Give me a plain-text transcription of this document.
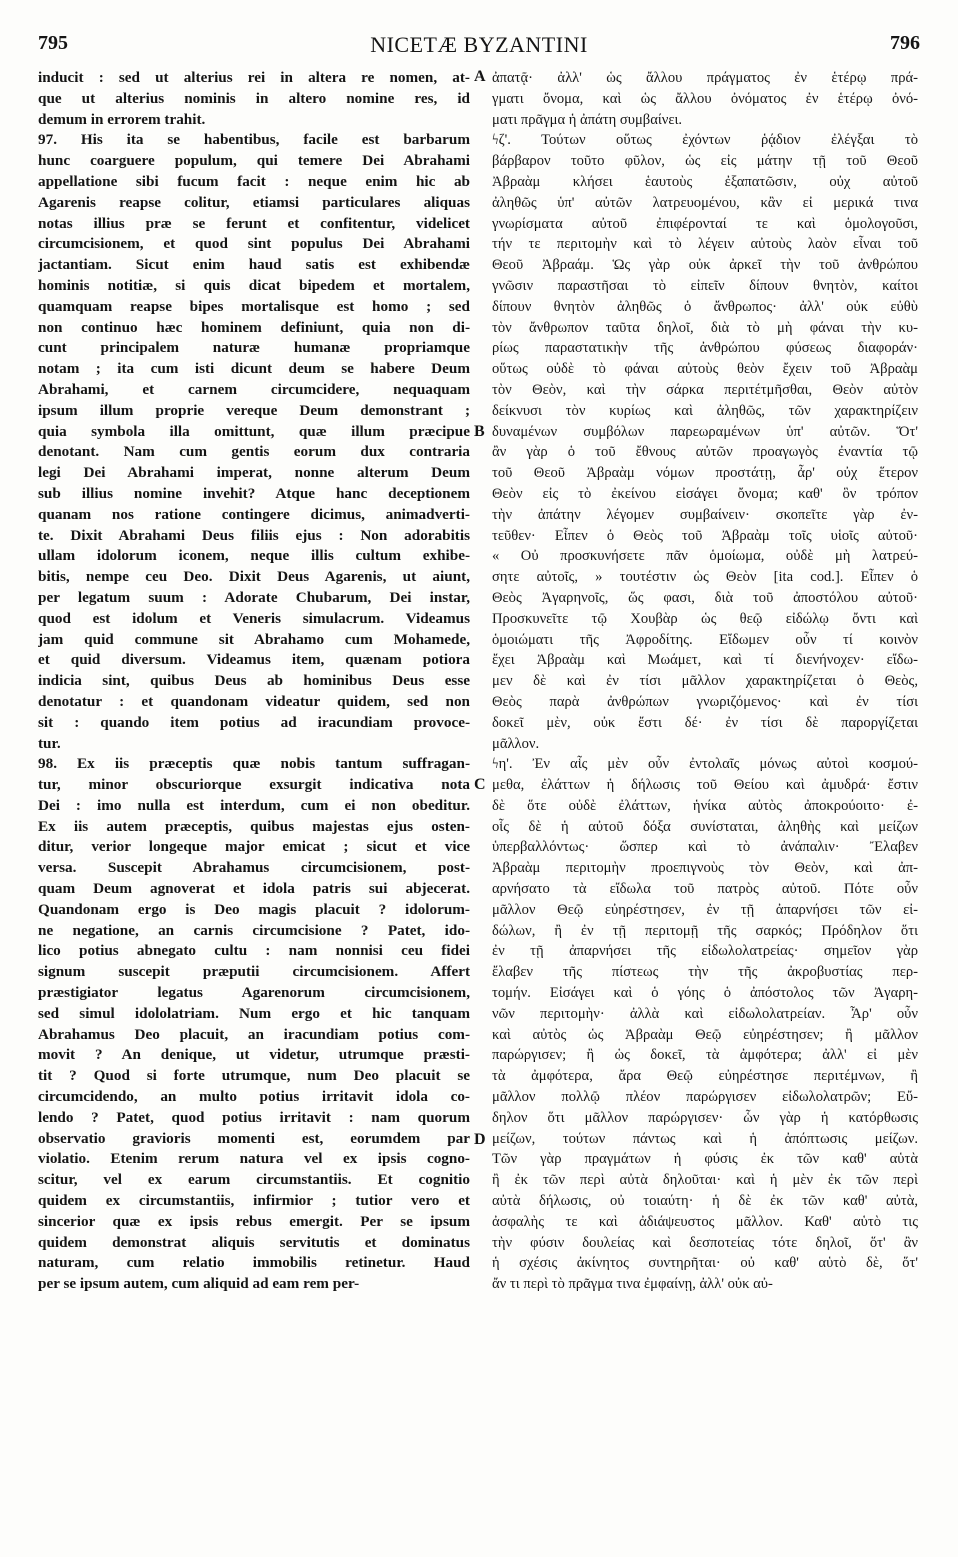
795	NICETÆ BYZANTINI	796
inducit : sed ut alterius rei in altera re nomen, at-
que ut alterius nominis in altero nomine res, id
demum in errorem trahit.
97. His ita se habentibus, facile est barbarum
hunc coarguere populum, qui temere Dei Abrahami
appellatione sibi fucum facit : neque enim hic ab
Agarenis reapse colitur, etiamsi particulares aliquas
notas illius præ se ferunt et confitentur, videlicet
circumcisionem, et quod sint populus Dei Abrahami
jactantiam. Sicut enim haud satis est exhibendæ
hominis notitiæ, si quis dicat bipedem et mortalem,
quamquam reapse bipes mortalisque est homo ; sed
non continuo hæc hominem definiunt, quia non di-
cunt principalem naturæ humanæ propriamque
notam ; ita cum isti dicunt deum se habere Deum
Abrahami, et carnem circumcidere, nequaquam
ipsum illum proprie vereque Deum demonstrant ;
quia symbola illa omittunt, quæ illum præcipue
denotant. Nam cum gentis eorum dux contraria
legi Dei Abrahami imperat, nonne alterum Deum
sub illius nomine invehit? Atque hanc deceptionem
quanam nos ratione contingere dicimus, animadverti-
te. Dixit Abrahami Deus filiis ejus : Non adorabitis
ullam idolorum iconem, neque illis cultum exhibe-
bitis, nempe ceu Deo. Dixit Deus Agarenis, ut aiunt,
per legatum suum : Adorate Chubarum, Dei instar,
quod est idolum et Veneris simulacrum. Videamus
jam quid commune sit Abrahamo cum Mohamede,
et quid diversum. Videamus item, quænam potiora
indicia sint, quibus Deus ab hominibus Deus esse
denotatur : et quandonam videatur quidem, sed non
sit : quando item potius ad iracundiam provoce-
tur.
98. Ex iis præceptis quæ nobis tantum suffragan-
tur, minor obscuriorque exsurgit indicativa nota
Dei : imo nulla est interdum, cum ei non obeditur.
Ex iis autem præceptis, quibus majestas ejus osten-
ditur, verior longeque major emicat ; sicut et vice
versa. Suscepit Abrahamus circumcisionem, post-
quam Deum agnoverat et idola patris sui abjecerat.
Quandonam ergo is Deo magis placuit ? idolorum-
ne negatione, an carnis circumcisione ? Patet, ido-
lico potius abnegato cultu : nam nonnisi ceu fidei
signum suscepit præputii circumcisionem. Affert
præstigiator legatus Agarenorum circumcisionem,
sed simul idololatriam. Num ergo et hic tanquam
Abrahamus Deo placuit, an iracundiam potius com-
movit ? An denique, ut videtur, utrumque præsti-
tit ? Quod si forte utrumque, num Deo placuit se
circumcidendo, an multo potius irritavit idola co-
lendo ? Patet, quod potius irritavit : nam quorum
observatio gravioris momenti est, eorumdem par
violatio. Etenim rerum natura vel ex ipsis cogno-
scitur, vel ex earum circumstantiis. Et cognitio
quidem ex circumstantiis, infirmior ; tutior vero et
sincerior quæ ex ipsis rebus emergit. Per se ipsum
quidem demonstrat aliquis servitutis et dominatus
naturam, cum relatio immobilis retinetur. Haud
per se ipsum autem, cum aliquid ad eam rem per-
ἀπατᾷ· ἀλλ' ὡς ἄλλου πράγματος ἐν ἑτέρῳ πρά-
γματι ὄνομα, καὶ ὡς ἄλλου ὀνόματος ἐν ἑτέρῳ ὀνό-
ματι πρᾶγμα ἡ ἀπάτη συμβαίνει.
ϟζ'. Τούτων οὕτως ἐχόντων ῥᾴδιον ἐλέγξαι τὸ
βάρβαρον τοῦτο φῦλον, ὡς εἰς μάτην τῇ τοῦ Θεοῦ
Ἀβραὰμ κλήσει ἑαυτοὺς ἐξαπατῶσιν, οὐχ αὐτοῦ
ἀληθῶς ὑπ' αὐτῶν λατρευομένου, κἂν εἰ μερικά τινα
γνωρίσματα αὐτοῦ ἐπιφέρονταί τε καὶ ὁμολογοῦσι,
τήν τε περιτομὴν καὶ τὸ λέγειν αὐτοὺς λαὸν εἶναι τοῦ
Θεοῦ Ἀβραάμ. Ὡς γὰρ οὐκ ἀρκεῖ τὴν τοῦ ἀνθρώπου
γνῶσιν παραστῆσαι τὸ εἰπεῖν δίπουν θνητὸν, καίτοι
δίπουν θνητὸν ἀληθῶς ὁ ἄνθρωπος· ἀλλ' οὐκ εὐθὺ
τὸν ἄνθρωπον ταῦτα δηλοῖ, διὰ τὸ μὴ φάναι τὴν κυ-
ρίως παραστατικὴν τῆς ἀνθρώπου φύσεως διαφοράν·
οὕτως οὐδὲ τὸ φάναι αὐτοὺς θεὸν ἔχειν τοῦ Ἀβραὰμ
τὸν Θεὸν, καὶ τὴν σάρκα περιτέτμῆσθαι, Θεὸν αὐτὸν
δείκνυσι τὸν κυρίως καὶ ἀληθῶς, τῶν χαρακτηρίζειν
δυναμένων συμβόλων παρεωραμένων ὑπ' αὐτῶν. Ὅτ'
ἂν γὰρ ὁ τοῦ ἔθνους αὐτῶν προαγωγὸς ἐναντία τῷ
τοῦ Θεοῦ Ἀβραὰμ νόμων προστάτῃ, ἆρ' οὐχ ἕτερον
Θεὸν εἰς τὸ ἐκείνου εἰσάγει ὄνομα; καθ' ὃν τρόπον
τὴν ἀπάτην λέγομεν συμβαίνειν· σκοπεῖτε γὰρ ἐν-
τεῦθεν· Εἶπεν ὁ Θεὸς τοῦ Ἀβραὰμ τοῖς υἱοῖς αὐτοῦ·
« Οὐ προσκυνήσετε πᾶν ὁμοίωμα, οὐδὲ μὴ λατρεύ-
σητε αὐτοῖς, » τουτέστιν ὡς Θεὸν [ita cod.]. Εἶπεν ὁ
Θεὸς Ἀγαρηνοῖς, ὥς φασι, διὰ τοῦ ἀποστόλου αὐτοῦ·
Προσκυνεῖτε τῷ Χουβὰρ ὡς θεῷ εἰδώλῳ ὄντι καὶ
ὁμοιώματι τῆς Ἀφροδίτης. Εἴδωμεν οὖν τί κοινὸν
ἔχει Ἀβραὰμ καὶ Μωάμετ, καὶ τί διενήνοχεν· εἴδω-
μεν δὲ καὶ ἐν τίσι μᾶλλον χαρακτηρίζεται ὁ Θεὸς,
Θεὸς παρὰ ἀνθρώπων γνωριζόμενος· καὶ ἐν τίσι
δοκεῖ μὲν, οὐκ ἔστι δέ· ἐν τίσι δὲ παροργίζεται
μᾶλλον.
ϟη'. Ἐν αἷς μὲν οὖν ἐντολαῖς μόνως αὐτοὶ κοσμού-
μεθα, ἐλάττων ἡ δήλωσις τοῦ Θείου καὶ ἀμυδρά· ἔστιν
δὲ ὅτε οὐδὲ ἐλάττων, ἡνίκα αὐτὸς ἀποκρούοιτο· ἐ-
οἷς δὲ ἡ αὐτοῦ δόξα συνίσταται, ἀληθὴς καὶ μείζων
ὑπερβαλλόντως· ὥσπερ καὶ τὸ ἀνάπαλιν· Ἔλαβεν
Ἀβραὰμ περιτομὴν προεπιγνοὺς τὸν Θεὸν, καὶ ἀπ-
αρνήσατο τὰ εἴδωλα τοῦ πατρὸς αὐτοῦ. Πότε οὖν
μᾶλλον Θεῷ εὐηρέστησεν, ἐν τῇ ἀπαρνήσει τῶν εἰ-
δώλων, ἢ ἐν τῇ περιτομῇ τῆς σαρκός; Πρόδηλον ὅτι
ἐν τῇ ἀπαρνήσει τῆς εἰδωλολατρείας· σημεῖον γὰρ
ἔλαβεν τῆς πίστεως τὴν τῆς ἀκροβυστίας περ-
τομήν. Εἰσάγει καὶ ὁ γόης ὁ ἀπόστολος τῶν Ἀγαρη-
νῶν περιτομὴν· ἀλλὰ καὶ εἰδωλολατρείαν. Ἆρ' οὖν
καὶ αὐτὸς ὡς Ἀβραὰμ Θεῷ εὐηρέστησεν; ἢ μᾶλλον
παρώργισεν; ἢ ὡς δοκεῖ, τὰ ἀμφότερα; ἀλλ' εἰ μὲν
τὰ ἀμφότερα, ἄρα Θεῷ εὐηρέστησε περιτέμνων, ἢ
μᾶλλον πολλῷ πλέον παρώργισεν εἰδωλολατρῶν; Εὔ-
δηλον ὅτι μᾶλλον παρώργισεν· ὧν γὰρ ἡ κατόρθωσις
μείζων, τούτων πάντως καὶ ἡ ἀπόπτωσις μείζων.
Τῶν γὰρ πραγμάτων ἡ φύσις ἐκ τῶν καθ' αὑτὰ
ἢ ἐκ τῶν περὶ αὐτὰ δηλοῦται· καὶ ἡ μὲν ἐκ τῶν περὶ
αὐτὰ δήλωσις, οὐ τοιαύτη· ἡ δὲ ἐκ τῶν καθ' αὐτὰ,
ἀσφαλὴς τε καὶ ἀδιάψευστος μᾶλλον. Καθ' αὑτὸ τις
τὴν φύσιν δουλείας καὶ δεσποτείας τότε δηλοῖ, ὅτ' ἂν
ἡ σχέσις ἀκίνητος συντηρῆται· οὐ καθ' αὑτὸ δὲ, ὅτ'
ἄν τι περὶ τὸ πρᾶγμα τινα ἐμφαίνῃ, ἀλλ' οὐκ αὐ-
A
B
C
D
